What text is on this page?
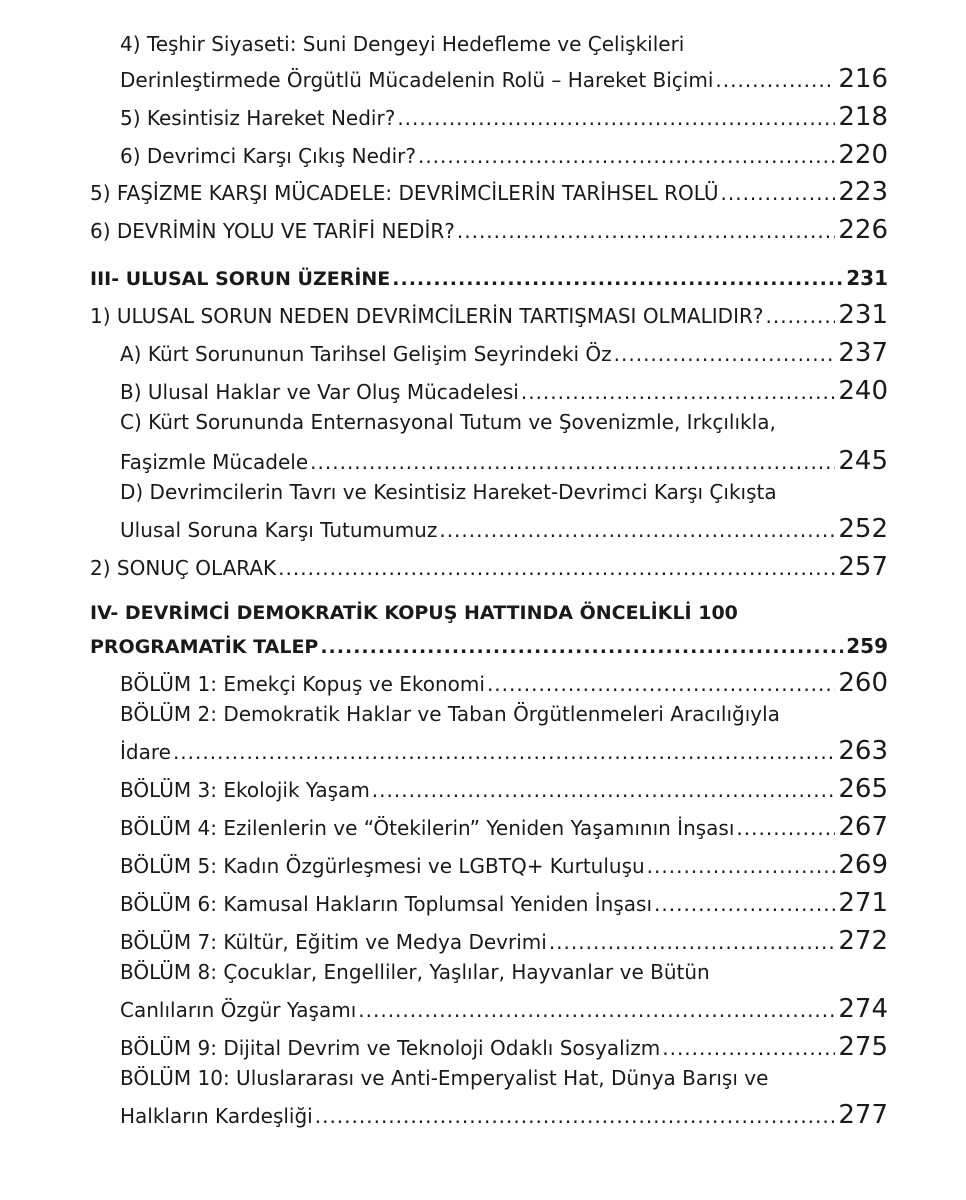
4) Teşhir Siyaseti: Suni Dengeyi Hedefleme ve Çelişkileri
Derinleştirmede Örgütlü Mücadelenin Rolü – Hareket Biçimi .....	216
5) Kesintisiz Hareket Nedir? .....	218
6) Devrimci Karşı Çıkış Nedir? .....	220
5) FAŞİZME KARŞI MÜCADELE: DEVRİMCİLERİN TARİHSEL ROLÜ .....	223
6) DEVRİMİN YOLU VE TARİFİ NEDİR? .....	226
III- ULUSAL SORUN ÜZERİNE .....	231
1) ULUSAL SORUN NEDEN DEVRİMCİLERİN TARTIŞMASI OLMALIDIR? .....	231
A) Kürt Sorununun Tarihsel Gelişim Seyrindeki Öz .....	237
B) Ulusal Haklar ve Var Oluş Mücadelesi .....	240
C) Kürt Sorununda Enternasyonal Tutum ve Şovenizmle, Irkçılıkla,
Faşizmle Mücadele .....	245
D) Devrimcilerin Tavrı ve Kesintisiz Hareket-Devrimci Karşı Çıkışta
Ulusal Soruna Karşı Tutumumuz .....	252
2) SONUÇ OLARAK .....	257
IV- DEVRİMCİ DEMOKRATİK KOPUŞ HATTINDA ÖNCELİKLİ 100
PROGRAMATİK TALEP .....	259
BÖLÜM 1: Emekçi Kopuş ve Ekonomi .....	260
BÖLÜM 2: Demokratik Haklar ve Taban Örgütlenmeleri Aracılığıyla
İdare .....	263
BÖLÜM 3: Ekolojik Yaşam .....	265
BÖLÜM 4: Ezilenlerin ve “Ötekilerin” Yeniden Yaşamının İnşası .....	267
BÖLÜM 5: Kadın Özgürleşmesi ve LGBTQ+ Kurtuluşu .....	269
BÖLÜM 6: Kamusal Hakların Toplumsal Yeniden İnşası .....	271
BÖLÜM 7: Kültür, Eğitim ve Medya Devrimi .....	272
BÖLÜM 8: Çocuklar, Engelliler, Yaşlılar, Hayvanlar ve Bütün
Canlıların Özgür Yaşamı .....	274
BÖLÜM 9: Dijital Devrim ve Teknoloji Odaklı Sosyalizm .....	275
BÖLÜM 10: Uluslararası ve Anti-Emperyalist Hat, Dünya Barışı ve
Halkların Kardeşliği .....	277
